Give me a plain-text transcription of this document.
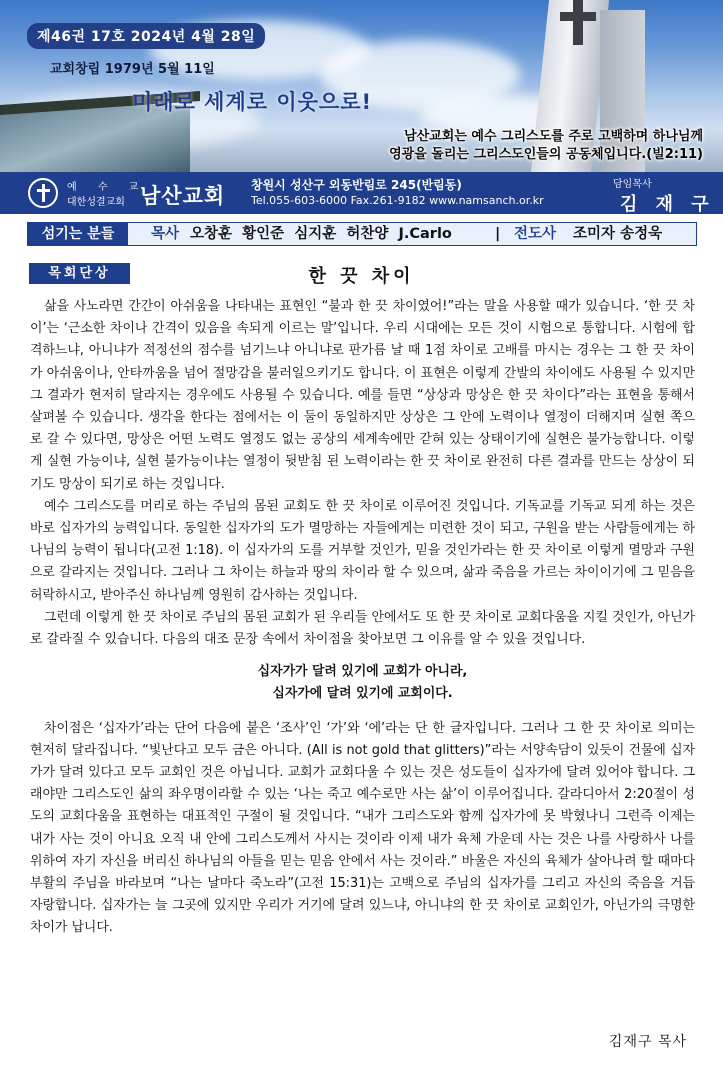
제46권 17호 2024년 4월 28일
교회창립 1979년 5월 11일
미래로 세계로 이웃으로!
남산교회는 예수 그리스도를 주로 고백하며 하나님께
영광을 돌리는 그리스도인들의 공동체입니다.(빌2:11)
예 수 교
대한성결교회 남산교회 창원시 성산구 외동반림로 245(반림동)
Tel.055-603-6000 Fax.261-9182 www.namsanch.or.kr
담임목사
김 재 구
섬기는 분들	목사 오창훈  황인준  심지훈  허찬양  J.Carlo	| 전도사 조미자 송정욱
한 끗 차이
목회단상

삶을 사노라면 간간이 아쉬움을 나타내는 표현인 “불과 한 끗 차이였어!”라는 말을 사용할 때가 있습니다. ‘한 끗 차이’는 ‘근소한 차이나 간격이 있음을 속되게 이르는 말’입니다. 우리 시대에는 모든 것이 시험으로 통합니다. 시험에 합격하느냐, 아니냐가 적정선의 점수를 넘기느냐 아니냐로 판가름 날 때 1점 차이로 고배를 마시는 경우는 그 한 끗 차이가 아쉬움이나, 안타까움을 넘어 절망감을 불러일으키기도 합니다. 이 표현은 이렇게 간발의 차이에도 사용될 수 있지만 그 결과가 현저히 달라지는 경우에도 사용될 수 있습니다. 예를 들면 “상상과 망상은 한 끗 차이다”라는 표현을 통해서 살펴볼 수 있습니다. 생각을 한다는 점에서는 이 둘이 동일하지만 상상은 그 안에 노력이나 열정이 더해지며 실현 쪽으로 갈 수 있다면, 망상은 어떤 노력도 열정도 없는 공상의 세계속에만 갇혀 있는 상태이기에 실현은 불가능합니다. 이렇게 실현 가능이냐, 실현 불가능이냐는 열정이 뒷받침 된 노력이라는 한 끗 차이로 완전히 다른 결과를 만드는 상상이 되기도 망상이 되기로 하는 것입니다.

예수 그리스도를 머리로 하는 주님의 몸된 교회도 한 끗 차이로 이루어진 것입니다. 기독교를 기독교 되게 하는 것은 바로 십자가의 능력입니다. 동일한 십자가의 도가 멸망하는 자들에게는 미련한 것이 되고, 구원을 받는 사람들에게는 하나님의 능력이 됩니다(고전 1:18). 이 십자가의 도를 거부할 것인가, 믿을 것인가라는 한 끗 차이로 이렇게 멸망과 구원으로 갈라지는 것입니다. 그러나 그 차이는 하늘과 땅의 차이라 할 수 있으며, 삶과 죽음을 가르는 차이이기에 그 믿음을 허락하시고, 받아주신 하나님께 영원히 감사하는 것입니다.

그런데 이렇게 한 끗 차이로 주님의 몸된 교회가 된 우리들 안에서도 또 한 끗 차이로 교회다움을 지킬 것인가, 아닌가로 갈라질 수 있습니다. 다음의 대조 문장 속에서 차이점을 찾아보면 그 이유를 알 수 있을 것입니다.

십자가가 달려 있기에 교회가 아니라,
십자가에 달려 있기에 교회이다.

차이점은 ‘십자가’라는 단어 다음에 붙은 ‘조사’인 ‘가’와 ‘에’라는 단 한 글자입니다. 그러나 그 한 끗 차이로 의미는 현저히 달라집니다. “빛난다고 모두 금은 아니다. (All is not gold that glitters)”라는 서양속담이 있듯이 건물에 십자가가 달려 있다고 모두 교회인 것은 아닙니다. 교회가 교회다울 수 있는 것은 성도들이 십자가에 달려 있어야 합니다. 그래야만 그리스도인 삶의 좌우명이라할 수 있는 ‘나는 죽고 예수로만 사는 삶’이 이루어집니다. 갈라디아서 2:20절이 성도의 교회다움을 표현하는 대표적인 구절이 될 것입니다. “내가 그리스도와 함께 십자가에 못 박혔나니 그런즉 이제는 내가 사는 것이 아니요 오직 내 안에 그리스도께서 사시는 것이라 이제 내가 육체 가운데 사는 것은 나를 사랑하사 나를 위하여 자기 자신을 버리신 하나님의 아들을 믿는 믿음 안에서 사는 것이라.” 바울은 자신의 육체가 살아나려 할 때마다 부활의 주님을 바라보며 “나는 날마다 죽노라”(고전 15:31)는 고백으로 주님의 십자가를 그리고 자신의 죽음을 거듭 자랑합니다. 십자가는 늘 그곳에 있지만 우리가 거기에 달려 있느냐, 아니냐의 한 끗 차이로 교회인가, 아닌가의 극명한 차이가 납니다.

김재구 목사
